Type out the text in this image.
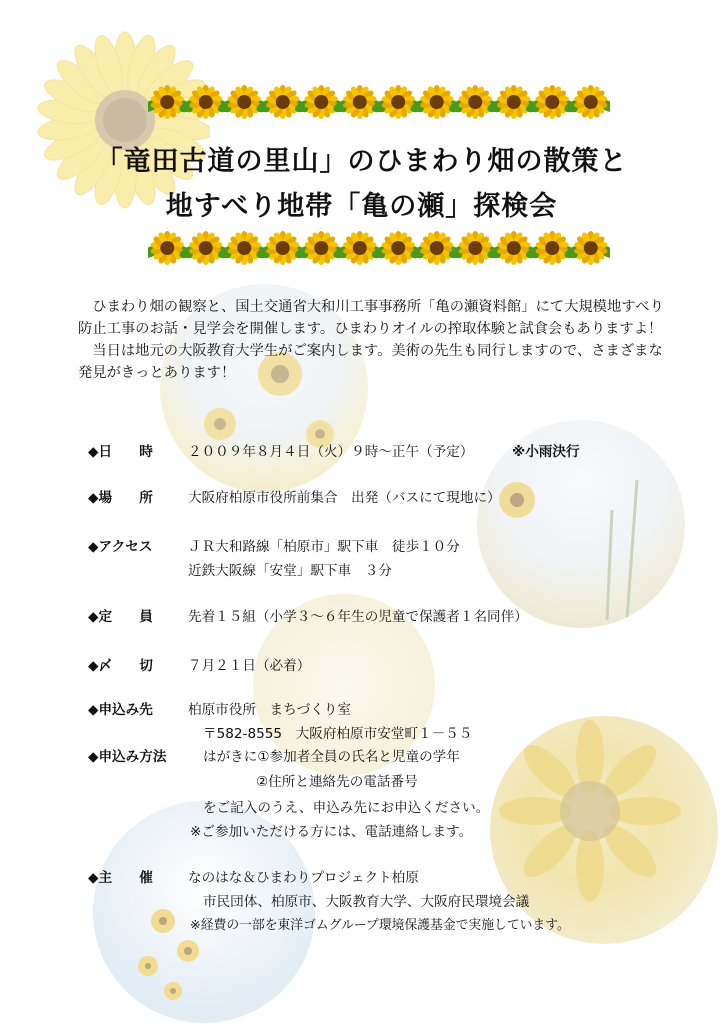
「竜田古道の里山」のひまわり畑の散策と
地すべり地帯「亀の瀬」探検会

ひまわり畑の観察と、国土交通省大和川工事事務所「亀の瀬資料館」にて大規模地すべり

防止工事のお話・見学会を開催します。ひまわりオイルの搾取体験と試食会もありますよ！

当日は地元の大阪教育大学生がご案内します。美術の先生も同行しますので、さまざまな

発見がきっとあります！

◆日　　時	２００９年８月４日（火）９時〜正午（予定）	※小雨決行
◆場　　所	大阪府柏原市役所前集合　出発（バスにて現地に）
◆アクセス	ＪＲ大和路線「柏原市」駅下車　徒歩１０分
近鉄大阪線「安堂」駅下車　３分
◆定　　員	先着１５組（小学３〜６年生の児童で保護者１名同伴）
◆〆　　切	７月２１日（必着）
◆申込み先	柏原市役所　まちづくり室
〒582-8555　大阪府柏原市安堂町１－５５
◆申込み方法	はがきに①参加者全員の氏名と児童の学年
②住所と連絡先の電話番号
をご記入のうえ、申込み先にお申込ください。
※ご参加いただける方には、電話連絡します。
◆主　　催	なのはな＆ひまわりプロジェクト柏原
市民団体、柏原市、大阪教育大学、大阪府民環境会議
※経費の一部を東洋ゴムグループ環境保護基金で実施しています。
